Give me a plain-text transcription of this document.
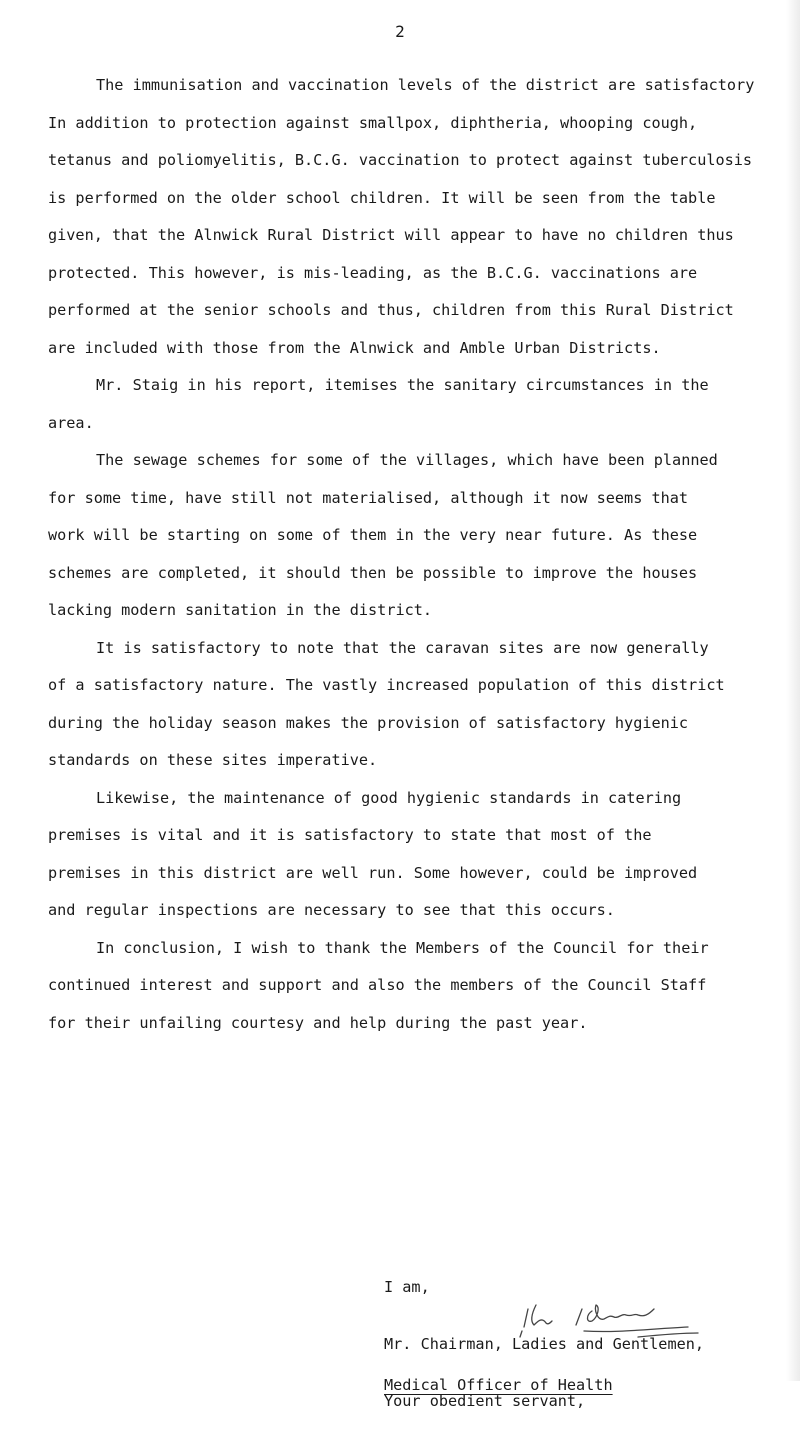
2

The immunisation and vaccination levels of the district are satisfactory

In addition to protection against smallpox, diphtheria, whooping cough,

tetanus and poliomyelitis, B.C.G. vaccination to protect against tuberculosis

is performed on the older school children. It will be seen from the table

given, that the Alnwick Rural District will appear to have no children thus

protected. This however, is mis-leading, as the B.C.G. vaccinations are

performed at the senior schools and thus, children from this Rural District

are included with those from the Alnwick and Amble Urban Districts.

Mr. Staig in his report, itemises the sanitary circumstances in the

area.

The sewage schemes for some of the villages, which have been planned

for some time, have still not materialised, although it now seems that

work will be starting on some of them in the very near future. As these

schemes are completed, it should then be possible to improve the houses

lacking modern sanitation in the district.

It is satisfactory to note that the caravan sites are now generally

of a satisfactory nature. The vastly increased population of this district

during the holiday season makes the provision of satisfactory hygienic

standards on these sites imperative.

Likewise, the maintenance of good hygienic standards in catering

premises is vital and it is satisfactory to state that most of the

premises in this district are well run. Some however, could be improved

and regular inspections are necessary to see that this occurs.

In conclusion, I wish to thank the Members of the Council for their

continued interest and support and also the members of the Council Staff

for their unfailing courtesy and help during the past year.

I am,

Mr. Chairman, Ladies and Gentlemen,

Your obedient servant,

Medical Officer of Health
